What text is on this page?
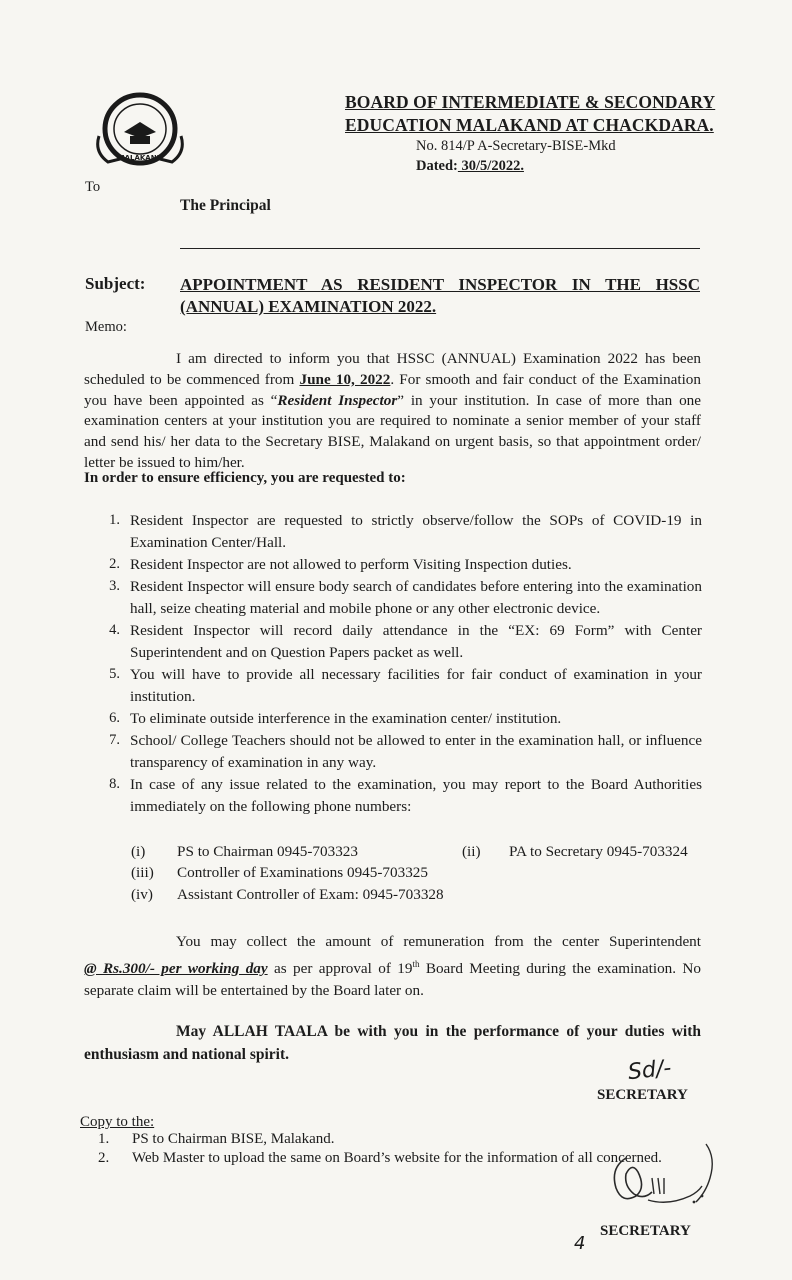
MALAKAND
BOARD OF INTERMEDIATE & SECONDARY
EDUCATION MALAKAND AT CHACKDARA.
No. 814/P A-Secretary-BISE-Mkd
Dated: 30/5/2022.
To
The Principal
Subject: APPOINTMENT AS RESIDENT INSPECTOR IN THE HSSC
(ANNUAL) EXAMINATION 2022.
Memo:
I am directed to inform you that HSSC (ANNUAL) Examination 2022 has been
scheduled to be commenced from June 10, 2022. For smooth and fair conduct of the Examination
you have been appointed as “Resident Inspector” in your institution. In case of more than one
examination centers at your institution you are required to nominate a senior member of your staff
and send his/ her data to the Secretary BISE, Malakand on urgent basis, so that appointment order/
letter be issued to him/her.
In order to ensure efficiency, you are requested to:
1. Resident Inspector are requested to strictly observe/follow the SOPs of COVID-19 in Examination Center/Hall.
2. Resident Inspector are not allowed to perform Visiting Inspection duties.
3. Resident Inspector will ensure body search of candidates before entering into the examination hall, seize cheating material and mobile phone or any other electronic device.
4. Resident Inspector will record daily attendance in the “EX: 69 Form” with Center Superintendent and on Question Papers packet as well.
5. You will have to provide all necessary facilities for fair conduct of examination in your institution.
6. To eliminate outside interference in the examination center/ institution.
7. School/ College Teachers should not be allowed to enter in the examination hall, or influence transparency of examination in any way.
8. In case of any issue related to the examination, you may report to the Board Authorities immediately on the following phone numbers:
(i) PS to Chairman 0945-703323	(ii) PA to Secretary 0945-703324
(iii) Controller of Examinations 0945-703325
(iv) Assistant Controller of Exam: 0945-703328
You may collect the amount of remuneration from the center Superintendent
@ Rs.300/- per working day as per approval of 19th Board Meeting during the examination. No
separate claim will be entertained by the Board later on.
May ALLAH TAALA be with you in the performance of your duties with
enthusiasm and national spirit.
Sd/-
SECRETARY
Copy to the:
1. PS to Chairman BISE, Malakand.
2. Web Master to upload the same on Board’s website for the information of all concerned.
SECRETARY
4
